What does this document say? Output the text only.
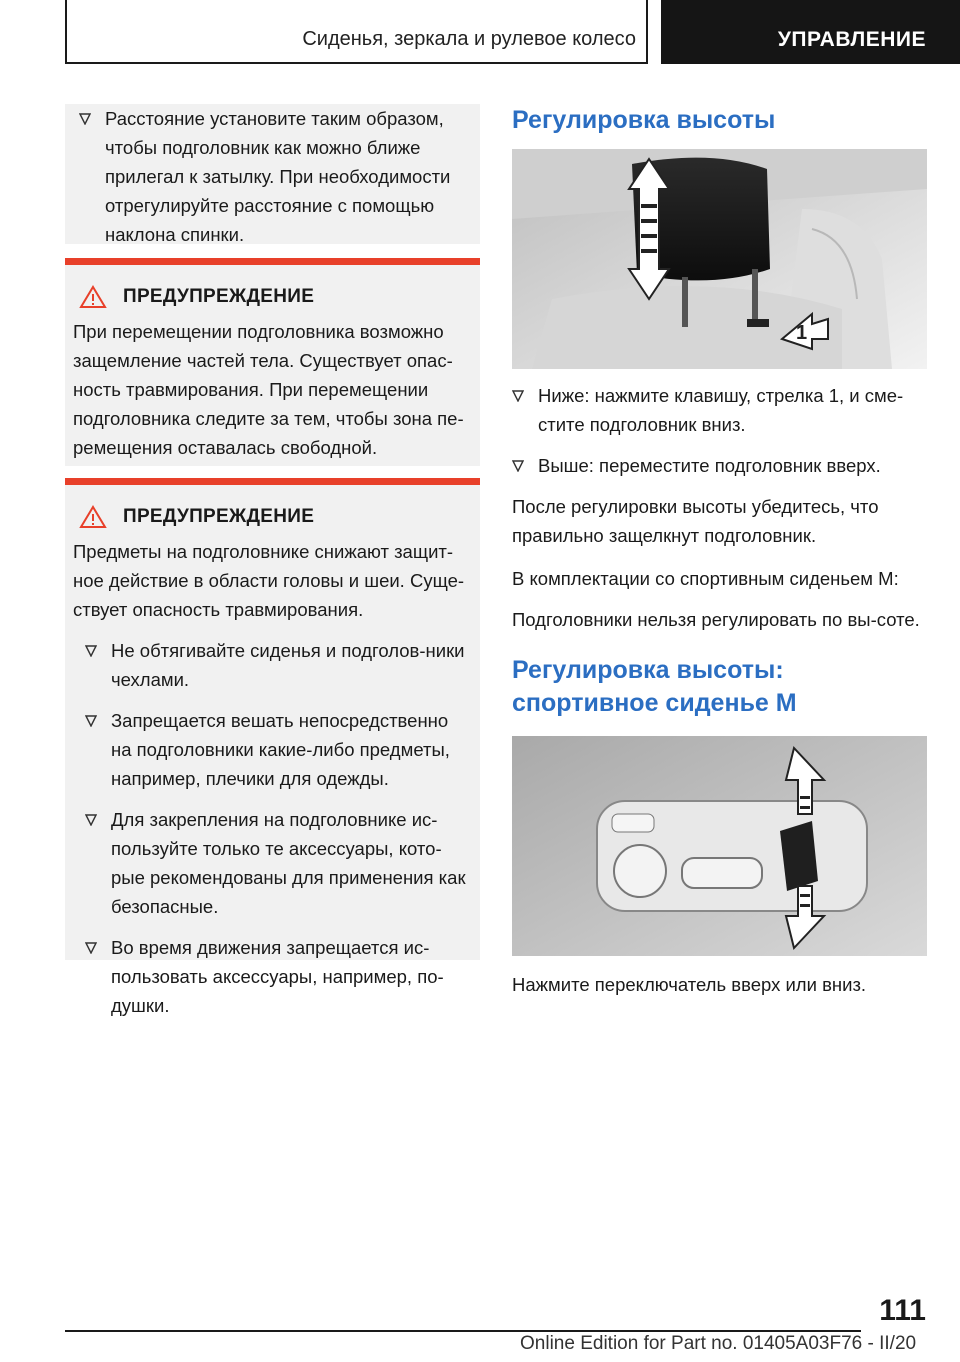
Сиденья, зеркала и рулевое колесо	УПРАВЛЕНИЕ

Расстояние установите таким образом, чтобы подголовник как можно ближе прилегал к затылку. При необходимости отрегулируйте расстояние с помощью наклона спинки.

ПРЕДУПРЕЖДЕНИЕ

При перемещении подголовника возможно защемление частей тела. Существует опас-ность травмирования. При перемещении подголовника следите за тем, чтобы зона пе-ремещения оставалась свободной.

ПРЕДУПРЕЖДЕНИЕ

Предметы на подголовнике снижают защит-ное действие в области головы и шеи. Суще-ствует опасность травмирования.

Не обтягивайте сиденья и подголов-ники чехлами.

Запрещается вешать непосредственно на подголовники какие-либо предметы, например, плечики для одежды.

Для закрепления на подголовнике ис-пользуйте только те аксессуары, кото-рые рекомендованы для применения как безопасные.

Во время движения запрещается ис-пользовать аксессуары, например, по-душки.

Регулировка высоты
1

Ниже: нажмите клавишу, стрелка 1, и сме-стите подголовник вниз.

Выше: переместите подголовник вверх.

После регулировки высоты убедитесь, что правильно защелкнут подголовник.

В комплектации со спортивным сиденьем M:

Подголовники нельзя регулировать по вы-соте.

Регулировка высоты:
спортивное сиденье M

Нажмите переключатель вверх или вниз.

111
Online Edition for Part no. 01405A03F76 - II/20
